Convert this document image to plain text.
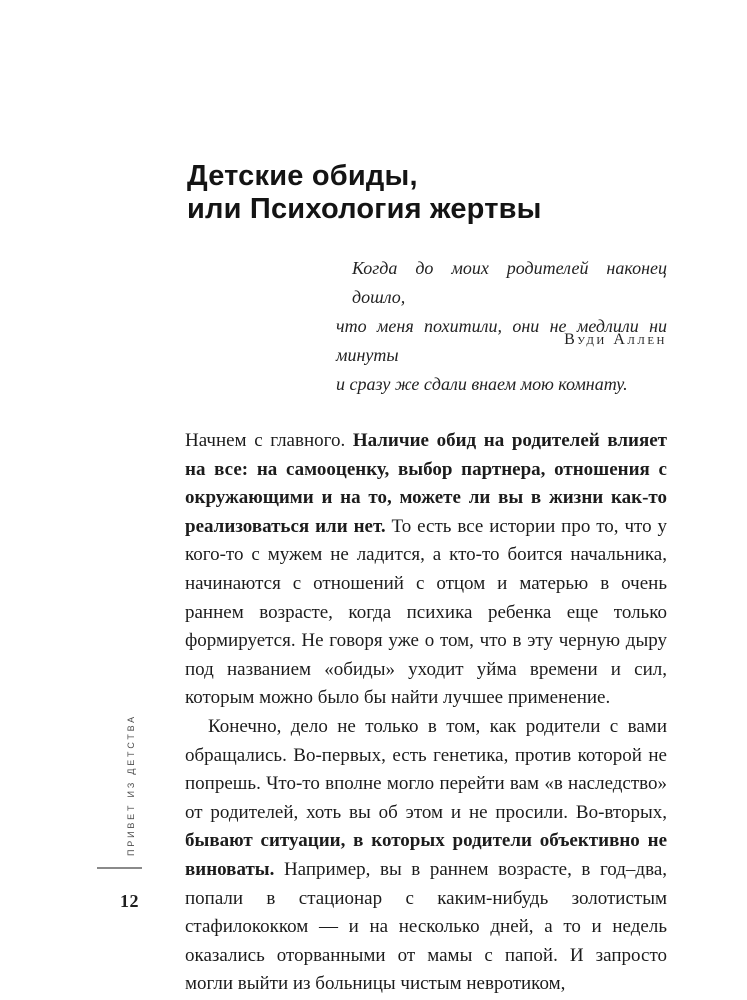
Детские обиды,
или Психология жертвы
Когда до моих родителей наконец дошло,
что меня похитили, они не медлили ни минуты
и сразу же сдали внаем мою комнату.
Вуди Аллен

Начнем с главного. Наличие обид на родителей влияет на все: на самооценку, выбор партнера, отношения с окружающими и на то, можете ли вы в жизни как-то реализоваться или нет. То есть все истории про то, что у кого-то с мужем не ладится, а кто-то боится начальника, начинаются с отношений с отцом и матерью в очень раннем возрасте, когда психика ребенка еще только формируется. Не говоря уже о том, что в эту черную дыру под названием «обиды» уходит уйма времени и сил, которым можно было бы найти лучшее применение.

Конечно, дело не только в том, как родители с вами обращались. Во-первых, есть генетика, против которой не попрешь. Что-то вполне могло перейти вам «в наследство» от родителей, хоть вы об этом и не просили. Во-вторых, бывают ситуации, в которых родители объективно не виноваты. Например, вы в раннем возрасте, в год–два, попали в стационар с каким-нибудь золотистым стафилококком — и на несколько дней, а то и недель оказались оторванными от мамы с папой. И запросто могли выйти из больницы чистым невротиком,

ПРИВЕТ ИЗ ДЕТСТВА
12
